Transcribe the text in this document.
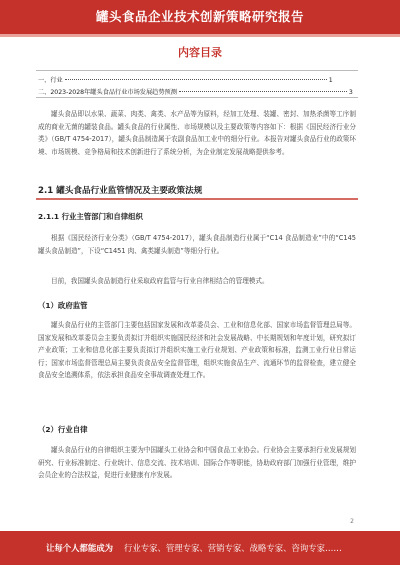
罐头食品企业技术创新策略研究报告
内容目录
一、行业	1
二、2023-2028年罐头食品行业市场发展趋势预测	3
罐头食品即以水果、蔬菜、肉类、禽类、水产品等为原料，经加工处理、装罐、密封、加热杀菌等工序制成的商业无菌的罐装食品。罐头食品的行业属性、市场规模以及主要政策等内容如下：根据《国民经济行业分类》（GB/T 4754-2017），罐头食品制造属于农副食品加工业中的细分行业。本报告对罐头食品行业的政策环境、市场规模、竞争格局和技术创新进行了系统分析，为企业制定发展战略提供参考。
2.1 罐头食品行业监管情况及主要政策法规
2.1.1 行业主管部门和自律组织
根据《国民经济行业分类》（GB/T 4754-2017），罐头食品制造行业属于“C14 食品制造业”中的“C145 罐头食品制造”，下设“C1451 肉、禽类罐头制造”等细分行业。
目前，我国罐头食品制造行业采取政府监管与行业自律相结合的管理模式。
（1）政府监管
罐头食品行业的主管部门主要包括国家发展和改革委员会、工业和信息化部、国家市场监督管理总局等。国家发展和改革委员会主要负责拟订并组织实施国民经济和社会发展战略、中长期规划和年度计划，研究拟订产业政策；工业和信息化部主要负责拟订并组织实施工业行业规划、产业政策和标准，监测工业行业日常运行；国家市场监督管理总局主要负责食品安全监督管理，组织实施食品生产、流通环节的监督检查，建立健全食品安全追溯体系，依法承担食品安全事故调查处理工作。
（2）行业自律
罐头食品行业的自律组织主要为中国罐头工业协会和中国食品工业协会。行业协会主要承担行业发展规划研究、行业标准制定、行业统计、信息交流、技术培训、国际合作等职能，协助政府部门加强行业管理，维护会员企业的合法权益，促进行业健康有序发展。
2
让每个人都能成为 行业专家、管理专家、营销专家、战略专家、咨询专家……
